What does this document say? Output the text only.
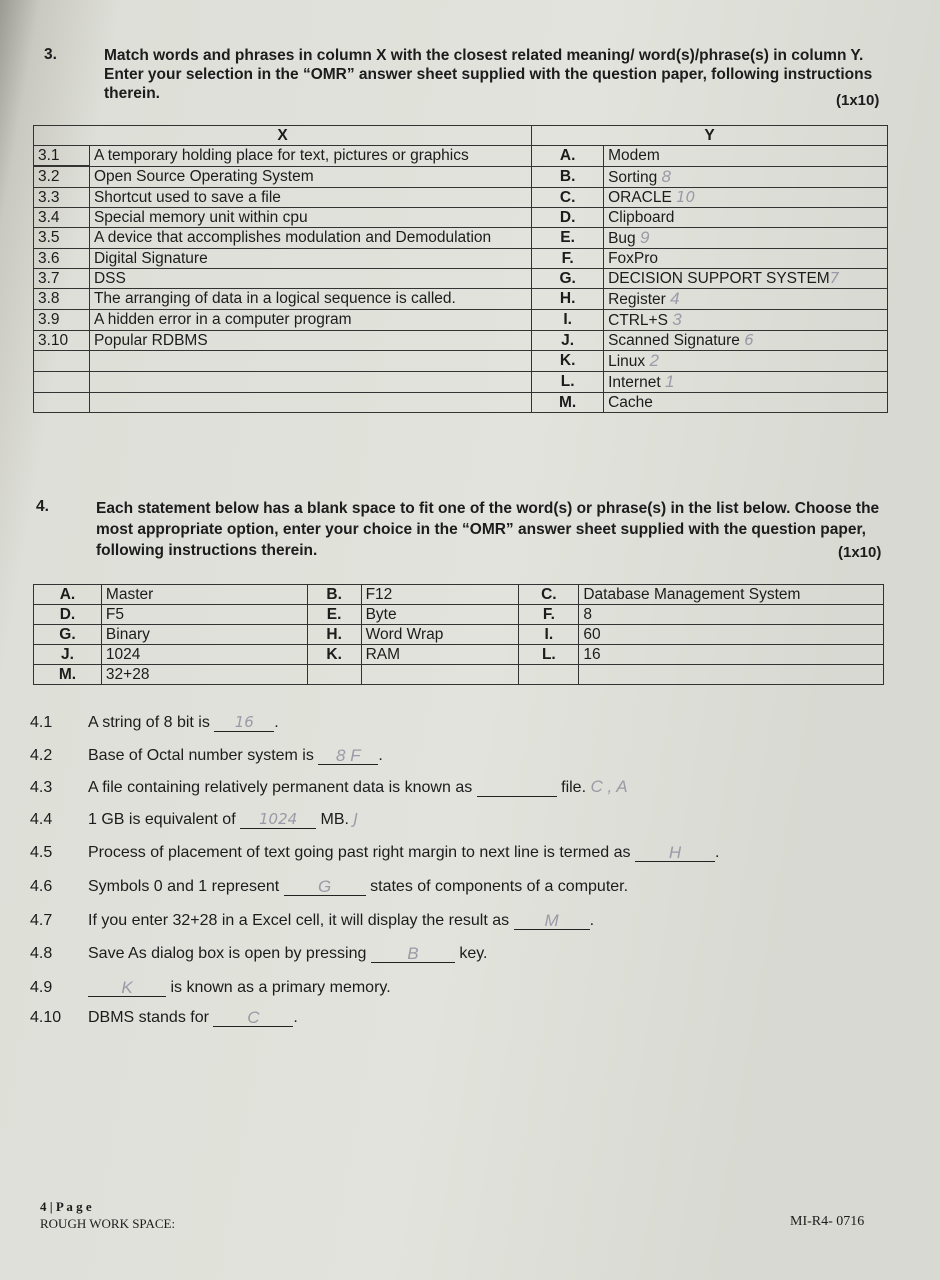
3.	Match words and phrases in column X with the closest related meaning/ word(s)/phrase(s) in column Y. Enter your selection in the “OMR” answer sheet supplied with the question paper, following instructions therein.	(1x10)
X		Y	
3.1	A temporary holding place for text, pictures or graphics	A.	Modem

3.2	Open Source Operating System	B.	Sorting 8
3.3	Shortcut used to save a file	C.	ORACLE 10
3.4	Special memory unit within cpu	D.	Clipboard
3.5	A device that accomplishes modulation and Demodulation	E.	Bug 9
3.6	Digital Signature	F.	FoxPro
3.7	DSS	G.	DECISION SUPPORT SYSTEM7
3.8	The arranging of data in a logical sequence is called.	H.	Register 4
3.9	A hidden error in a computer program	I.	CTRL+S 3
3.10	Popular RDBMS	J.	Scanned Signature 6
		K.	Linux 2
		L.	Internet 1
		M.	Cache
4.	Each statement below has a blank space to fit one of the word(s) or phrase(s) in the list below. Choose the most appropriate option, enter your choice in the “OMR” answer sheet supplied with the question paper, following instructions therein.	(1x10)
A.	Master	B.	F12	C.	Database Management System
D.	F5	E.	Byte	F.	8
G.	Binary	H.	Word Wrap	I.	60
J.	1024	K.	RAM	L.	16
M.	32+28				
4.1 A string of 8 bit is 16 .
4.2 Base of Octal number system is 8 F .
4.3 A file containing relatively permanent data is known as	file. C , A
4.4 1 GB is equivalent of 1024 MB. J
4.5 Process of placement of text going past right margin to next line is termed as H .
4.6 Symbols 0 and 1 represent G states of components of a computer.
4.7 If you enter 32+28 in a Excel cell, it will display the result as M .
4.8 Save As dialog box is open by pressing B	key.
4.9	K is known as a primary memory.
4.10 DBMS stands for C .
4 | P a g e
ROUGH WORK SPACE:	MI-R4- 0716
